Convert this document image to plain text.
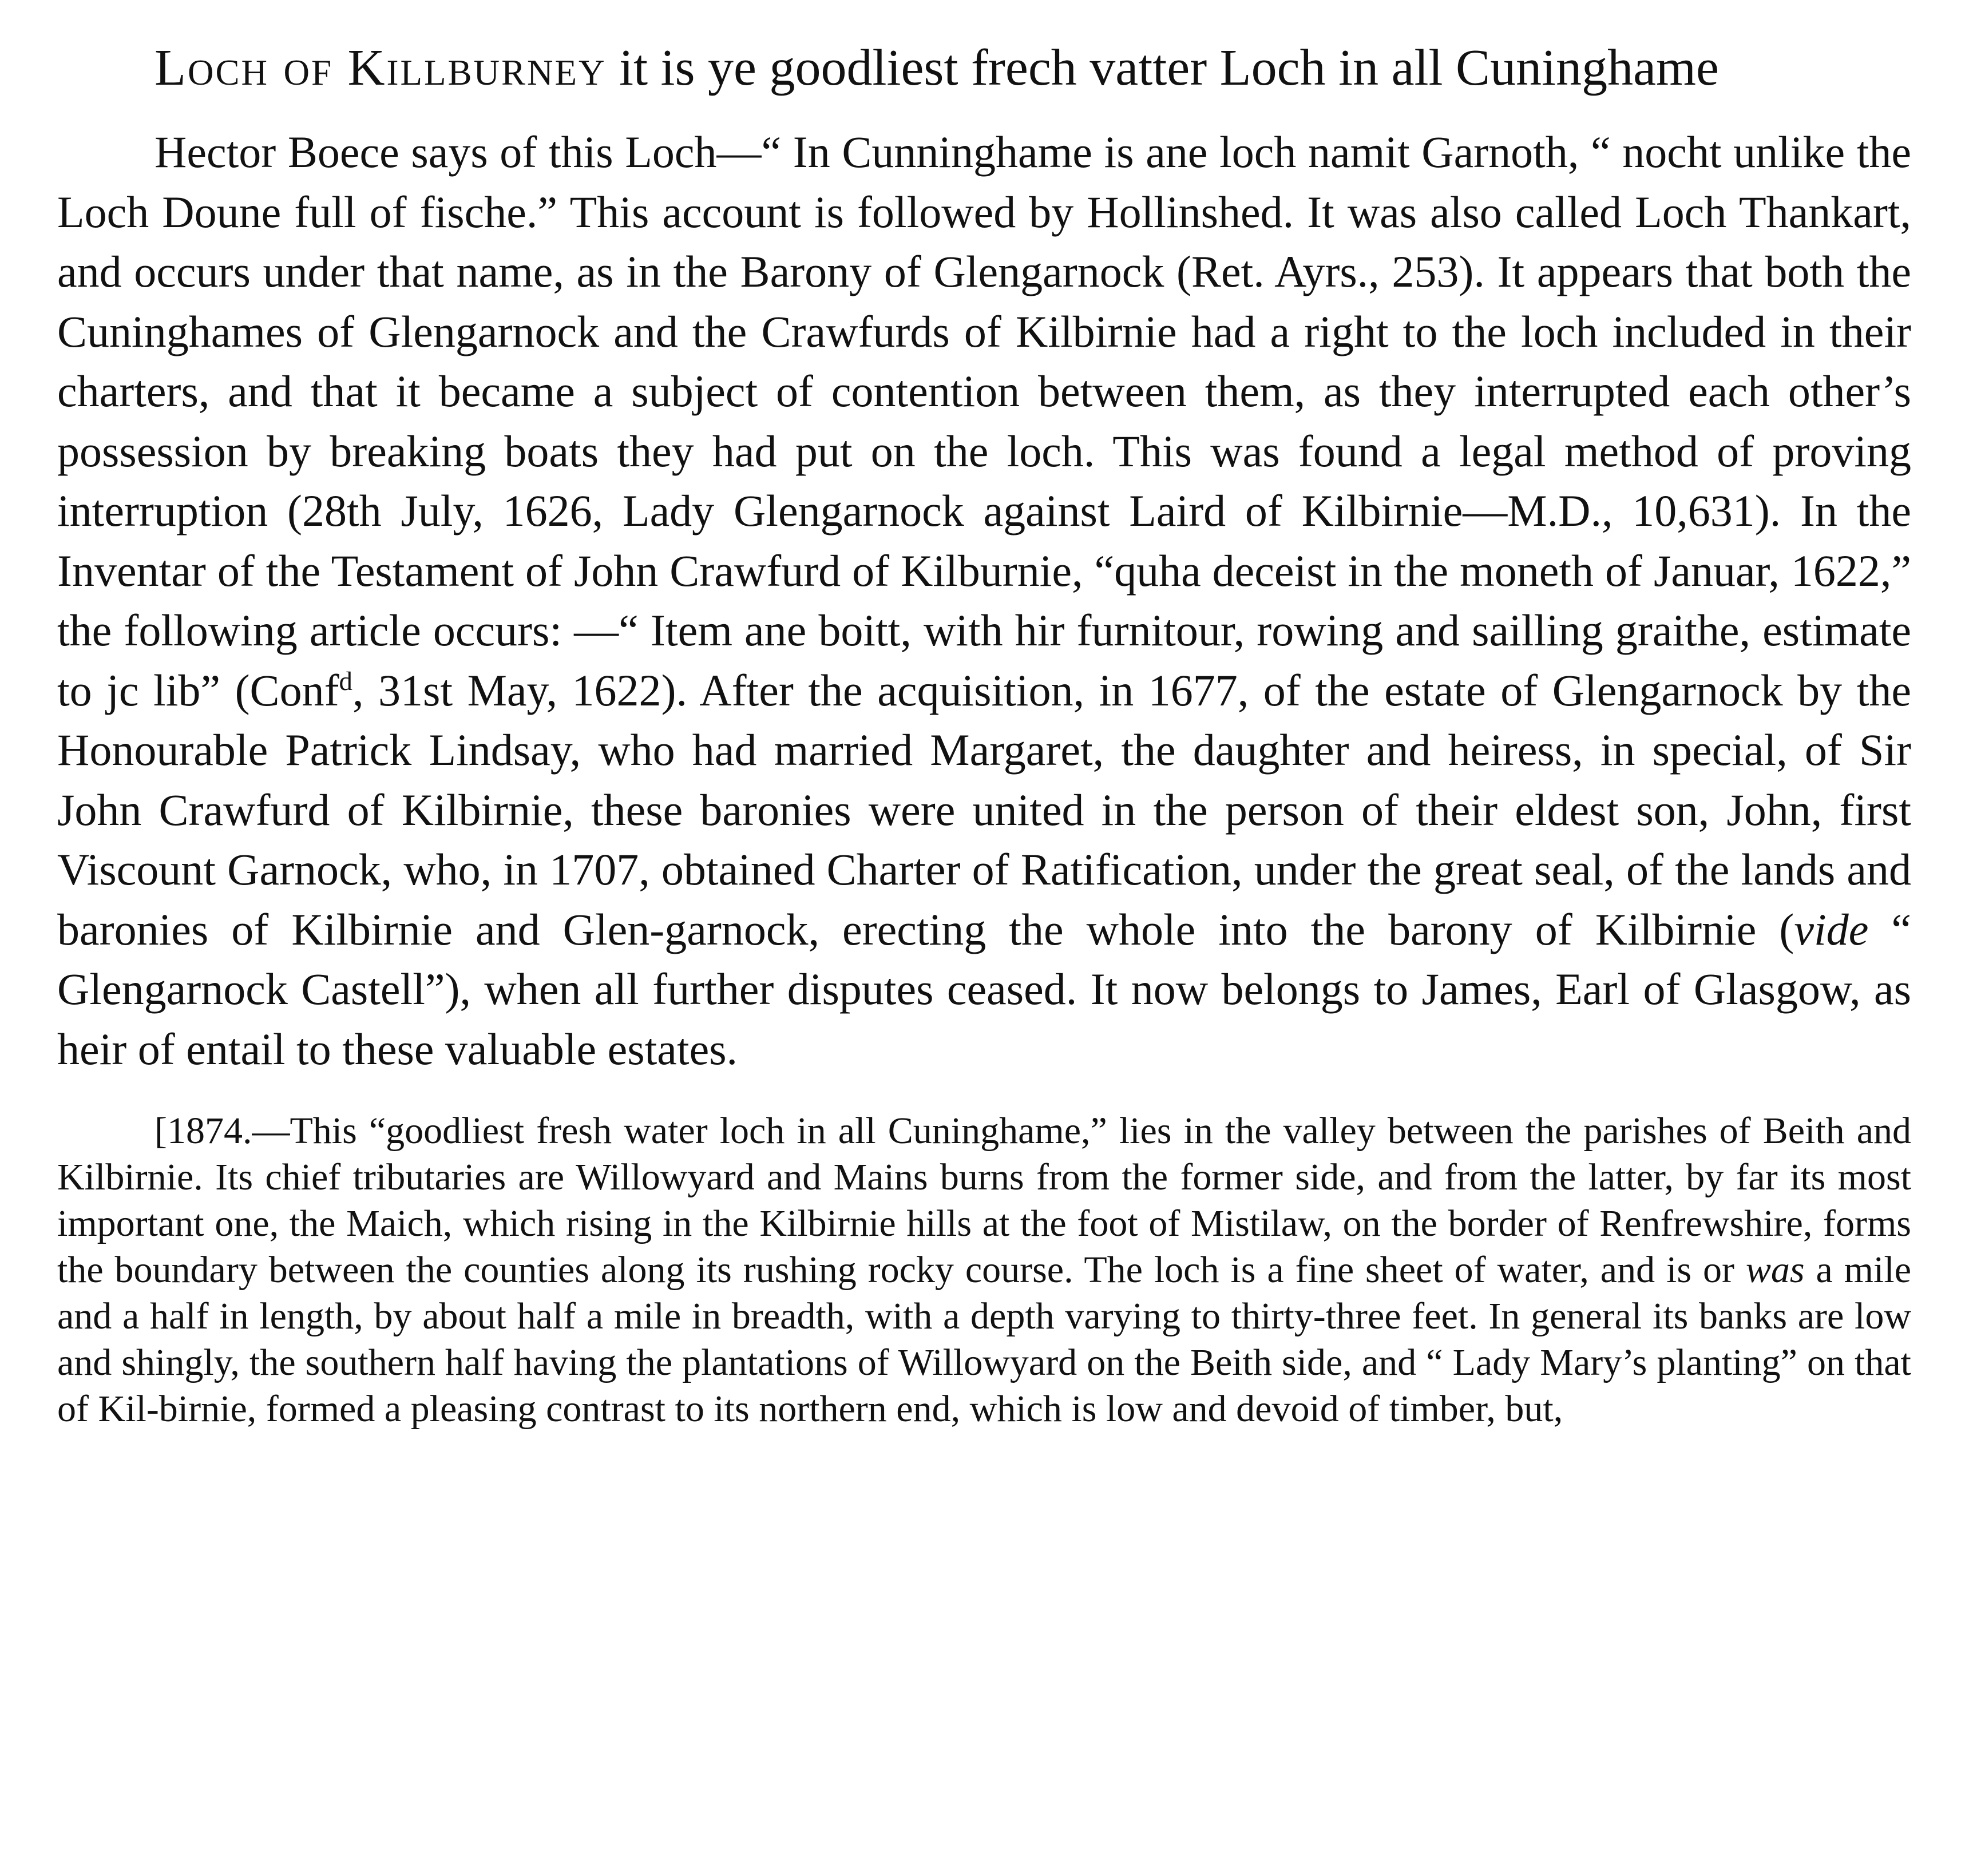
Loch of Killburney it is ye goodliest frech vatter Loch in all Cuninghame

Hector Boece says of this Loch—“ In Cunninghame is ane loch namit Garnoth, “ nocht unlike the Loch Doune full of fische.” This account is followed by Hollinshed. It was also called Loch Thankart, and occurs under that name, as in the Barony of Glengarnock (Ret. Ayrs., 253). It appears that both the Cuninghames of Glengarnock and the Crawfurds of Kilbirnie had a right to the loch included in their charters, and that it became a subject of contention between them, as they interrupted each other’s possession by breaking boats they had put on the loch. This was found a legal method of proving interruption (28th July, 1626, Lady Glengarnock against Laird of Kilbirnie—M.D., 10,631). In the Inventar of the Testament of John Crawfurd of Kilburnie, “quha deceist in the moneth of Januar, 1622,” the following article occurs: —“ Item ane boitt, with hir furnitour, rowing and sailling graithe, estimate to jc lib” (Conf$^d$, 31st May, 1622). After the acquisition, in 1677, of the estate of Glengarnock by the Honourable Patrick Lindsay, who had married Margaret, the daughter and heiress, in special, of Sir John Crawfurd of Kilbirnie, these baronies were united in the person of their eldest son, John, first Viscount Garnock, who, in 1707, obtained Charter of Ratification, under the great seal, of the lands and baronies of Kilbirnie and Glen-garnock, erecting the whole into the barony of Kilbirnie (vide “ Glengarnock Castell”), when all further disputes ceased. It now belongs to James, Earl of Glasgow, as heir of entail to these valuable estates.

[1874.—This “goodliest fresh water loch in all Cuninghame,” lies in the valley between the parishes of Beith and Kilbirnie. Its chief tributaries are Willowyard and Mains burns from the former side, and from the latter, by far its most important one, the Maich, which rising in the Kilbirnie hills at the foot of Mistilaw, on the border of Renfrewshire, forms the boundary between the counties along its rushing rocky course. The loch is a fine sheet of water, and is or was a mile and a half in length, by about half a mile in breadth, with a depth varying to thirty-three feet. In general its banks are low and shingly, the southern half having the plantations of Willowyard on the Beith side, and “ Lady Mary’s planting” on that of Kil-birnie, formed a pleasing contrast to its northern end, which is low and devoid of timber, but,
